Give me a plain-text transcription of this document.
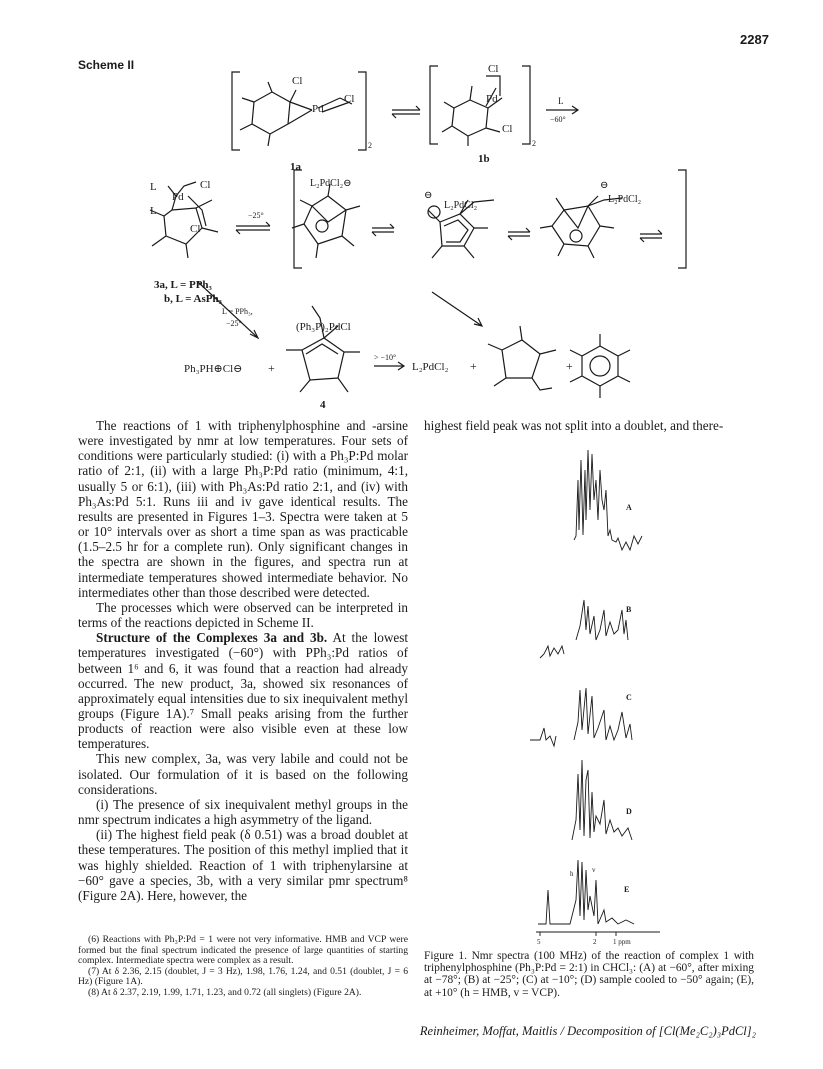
2287
Scheme II
Cl
Pd
Cl
2
1a
Cl
Pd
Cl
2
1b
L
−60°
L	Cl
Pd
L
Cl
3a, L = PPh₃
b, L = AsPh₃
−25°
L₂PdCl₂⊖
⊖
L₂PdCl₂
⊖
L₂PdCl₂
L = PPh₃,
−25°	(Ph₃P)₂PdCl
Ph₃PH⊕Cl⊖ +
4
> −10°
L₂PdCl₂ +	+

The reactions of 1 with triphenylphosphine and -arsine were investigated by nmr at low temperatures. Four sets of conditions were particularly studied: (i) with a Ph₃P:Pd molar ratio of 2:1, (ii) with a large Ph₃P:Pd ratio (minimum, 4:1, usually 5 or 6:1), (iii) with Ph₃As:Pd ratio 2:1, and (iv) with Ph₃As:Pd 5:1. Runs iii and iv gave identical results. The results are presented in Figures 1–3. Spectra were taken at 5 or 10° intervals over as short a time span as was practicable (1.5–2.5 hr for a complete run). Only significant changes in the spectra are shown in the figures, and spectra run at intermediate temperatures showed intermediate behavior. No intermediates other than those described were detected.

The processes which were observed can be interpreted in terms of the reactions depicted in Scheme II.

Structure of the Complexes 3a and 3b. At the lowest temperatures investigated (−60°) with PPh₃:Pd ratios of between 1⁶ and 6, it was found that a reaction had already occurred. The new product, 3a, showed six resonances of approximately equal intensities due to six inequivalent methyl groups (Figure 1A).⁷ Small peaks arising from the further products of reaction were also visible even at these low temperatures.

This new complex, 3a, was very labile and could not be isolated. Our formulation of it is based on the following considerations.

(i) The presence of six inequivalent methyl groups in the nmr spectrum indicates a high asymmetry of the ligand.

(ii) The highest field peak (δ 0.51) was a broad doublet at these temperatures. The position of this methyl implied that it was highly shielded. Reaction of 1 with triphenylarsine at −60° gave a species, 3b, with a very similar pmr spectrum⁸ (Figure 2A). Here, however, the

(6) Reactions with Ph₃P:Pd = 1 were not very informative. HMB and VCP were formed but the final spectrum indicated the presence of large quantities of starting complex. Intermediate spectra were complex as a result.

(7) At δ 2.36, 2.15 (doublet, J = 3 Hz), 1.98, 1.76, 1.24, and 0.51 (doublet, J = 6 Hz) (Figure 1A).

(8) At δ 2.37, 2.19, 1.99, 1.71, 1.23, and 0.72 (all singlets) (Figure 2A).

highest field peak was not split into a doublet, and there-

A
B
C
D
E
h	v
5	2 1 ppm
Figure 1. Nmr spectra (100 MHz) of the reaction of complex 1 with triphenylphosphine (Ph₃P:Pd = 2:1) in CHCl₃: (A) at −60°, after mixing at −78°; (B) at −25°; (C) at −10°; (D) sample cooled to −50° again; (E), at +10° (h = HMB, v = VCP).
Reinheimer, Moffat, Maitlis / Decomposition of [Cl(Me₂C₂)₃PdCl]₂
